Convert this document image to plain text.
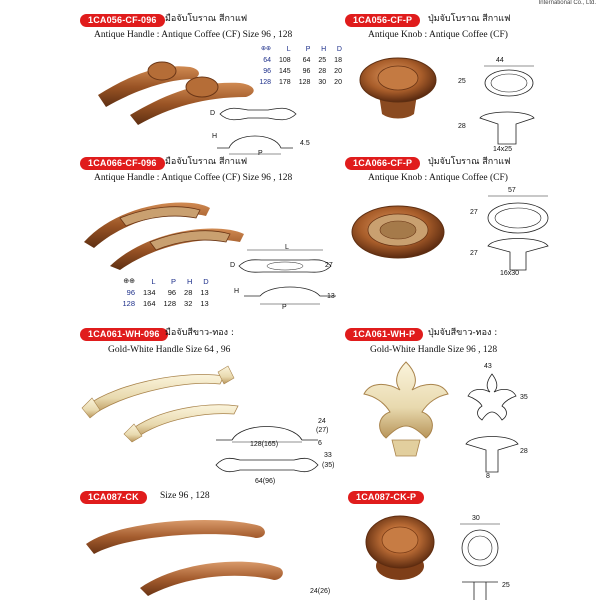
International Co., Ltd.
1CA056-CF-096 มือจับโบราณ สีกาแฟ
Antique Handle : Antique Coffee (CF) Size 96 , 128
⊕⊕	L	P	H	D
64	108	64	25	18
96	145	96	28	20
128	178	128	30	20
D
H
P
4.5
1CA056-CF-P	ปุ่มจับโบราณ สีกาแฟ
Antique Knob : Antique Coffee (CF)
44
25
28
14x25
1CA066-CF-096 มือจับโบราณ สีกาแฟ
Antique Handle : Antique Coffee (CF) Size 96 , 128
L
D	27
⊕⊕	L	P	H	D
96	134	96	28	13
128	164	128	32	13
H
P
13
1CA066-CF-P	ปุ่มจับโบราณ สีกาแฟ
Antique Knob : Antique Coffee (CF)
57
27
27
16x30
1CA061-WH-096 มือจับสีขาว-ทอง :
Gold-White Handle Size 64 , 96
24
(27)
128(165)	6
33
(35)
64(96)
1CA061-WH-P	ปุ่มจับสีขาว-ทอง :
Gold-White Handle Size 96 , 128
43
35
28
8
1CA087-CK	Size 96 , 128
24(26)
1CA087-CK-P
30
25
